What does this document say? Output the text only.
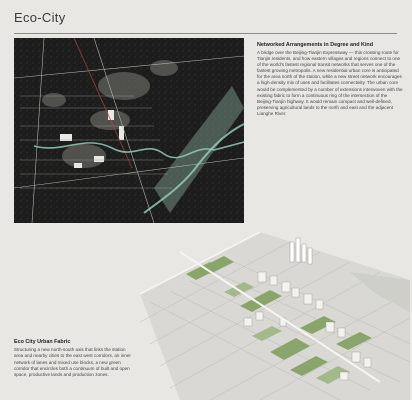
Eco-City
Networked Arrangements in Degree and Kind

A bridge over the Beijing-Tianjin Expressway — this crossing route for Tianjin residents, and how eastern villages and regions connect to one of the world's fastest regional transit networks that serves one of the fastest growing metropolis. A new residential urban core is anticipated for the area north of the station, while a new street network encourages a high-density mix of uses and facilitates connectivity. The urban core would be complemented by a number of extensions interwoven with the existing fabric to form a continuous ring of the intersection of the Beijing-Tianjin highway. It would remain compact and well-defined, preserving agricultural lands to the north and east and the adjacent Lianghe River.

Eco City Urban Fabric

Structuring a new north-south axis that links the station area and nearby cities to the east west corridors, an inner network of lanes and mixed use blocks, a new green corridor that encircles both a continuum of built and open space, productive lands and production zones.
